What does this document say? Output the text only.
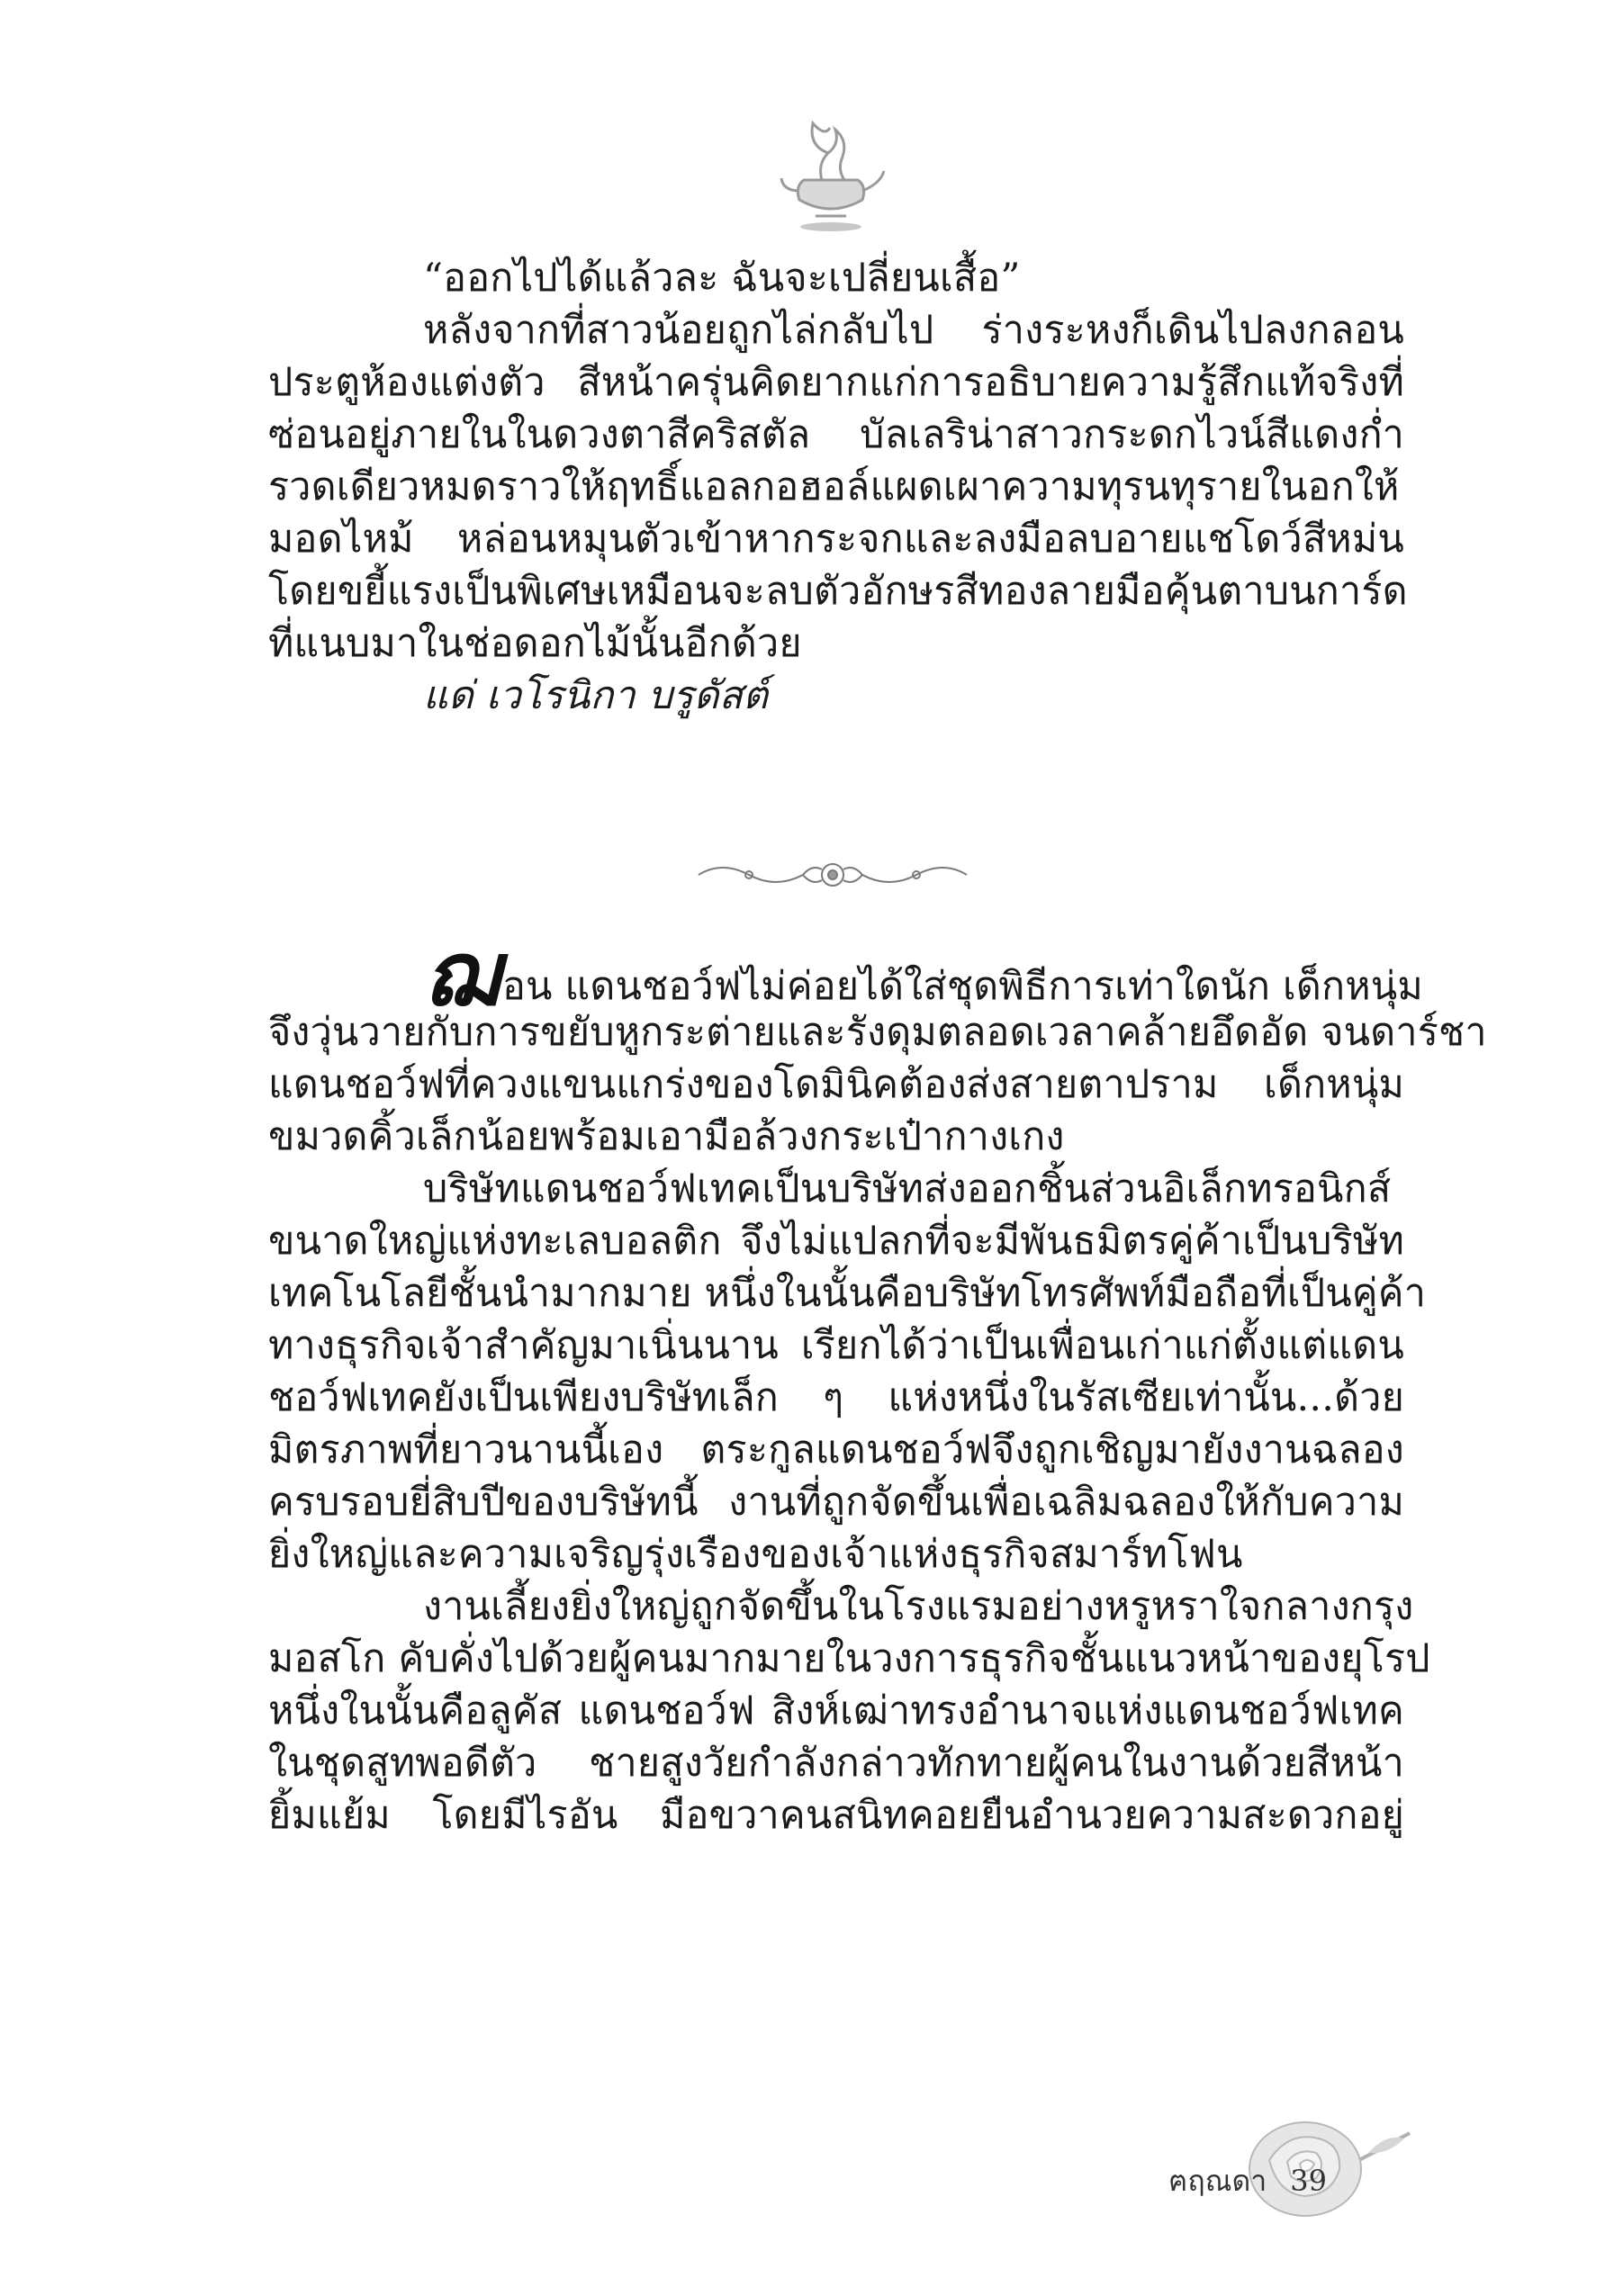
“ออกไปได้แล้วละ ฉันจะเปลี่ยนเสื้อ”
หลังจากที่สาวน้อยถูกไล่กลับไป ร่างระหงก็เดินไปลงกลอน
ประตูห้องแต่งตัว สีหน้าครุ่นคิดยากแก่การอธิบายความรู้สึกแท้จริงที่
ซ่อนอยู่ภายในในดวงตาสีคริสตัล บัลเลริน่าสาวกระดกไวน์สีแดงก่ำ
รวดเดียวหมดราวให้ฤทธิ์แอลกอฮอล์แผดเผาความทุรนทุรายในอกให้
มอดไหม้ หล่อนหมุนตัวเข้าหากระจกและลงมือลบอายแชโดว์สีหม่น
โดยขยี้แรงเป็นพิเศษเหมือนจะลบตัวอักษรสีทองลายมือคุ้นตาบนการ์ด
ที่แนบมาในช่อดอกไม้นั้นอีกด้วย
แด่ เวโรนิกา บรูดัสต์
ฌอน แดนชอว์ฟไม่ค่อยได้ใส่ชุดพิธีการเท่าใดนัก เด็กหนุ่ม
จึงวุ่นวายกับการขยับหูกระต่ายและรังดุมตลอดเวลาคล้ายอึดอัด จนดาร์ชา
แดนชอว์ฟที่ควงแขนแกร่งของโดมินิคต้องส่งสายตาปราม เด็กหนุ่ม
ขมวดคิ้วเล็กน้อยพร้อมเอามือล้วงกระเป๋ากางเกง
บริษัทแดนชอว์ฟเทคเป็นบริษัทส่งออกชิ้นส่วนอิเล็กทรอนิกส์
ขนาดใหญ่แห่งทะเลบอลติก จึงไม่แปลกที่จะมีพันธมิตรคู่ค้าเป็นบริษัท
เทคโนโลยีชั้นนำมากมาย หนึ่งในนั้นคือบริษัทโทรศัพท์มือถือที่เป็นคู่ค้า
ทางธุรกิจเจ้าสำคัญมาเนิ่นนาน เรียกได้ว่าเป็นเพื่อนเก่าแก่ตั้งแต่แดน
ชอว์ฟเทคยังเป็นเพียงบริษัทเล็ก ๆ แห่งหนึ่งในรัสเซียเท่านั้น...ด้วย
มิตรภาพที่ยาวนานนี้เอง ตระกูลแดนชอว์ฟจึงถูกเชิญมายังงานฉลอง
ครบรอบยี่สิบปีของบริษัทนี้ งานที่ถูกจัดขึ้นเพื่อเฉลิมฉลองให้กับความ
ยิ่งใหญ่และความเจริญรุ่งเรืองของเจ้าแห่งธุรกิจสมาร์ทโฟน
งานเลี้ยงยิ่งใหญ่ถูกจัดขึ้นในโรงแรมอย่างหรูหราใจกลางกรุง
มอสโก คับคั่งไปด้วยผู้คนมากมายในวงการธุรกิจชั้นแนวหน้าของยุโรป
หนึ่งในนั้นคือลูคัส แดนชอว์ฟ สิงห์เฒ่าทรงอำนาจแห่งแดนชอว์ฟเทค
ในชุดสูทพอดีตัว ชายสูงวัยกำลังกล่าวทักทายผู้คนในงานด้วยสีหน้า
ยิ้มแย้ม โดยมีไรอัน มือขวาคนสนิทคอยยืนอำนวยความสะดวกอยู่
ฅฤณดา 39
